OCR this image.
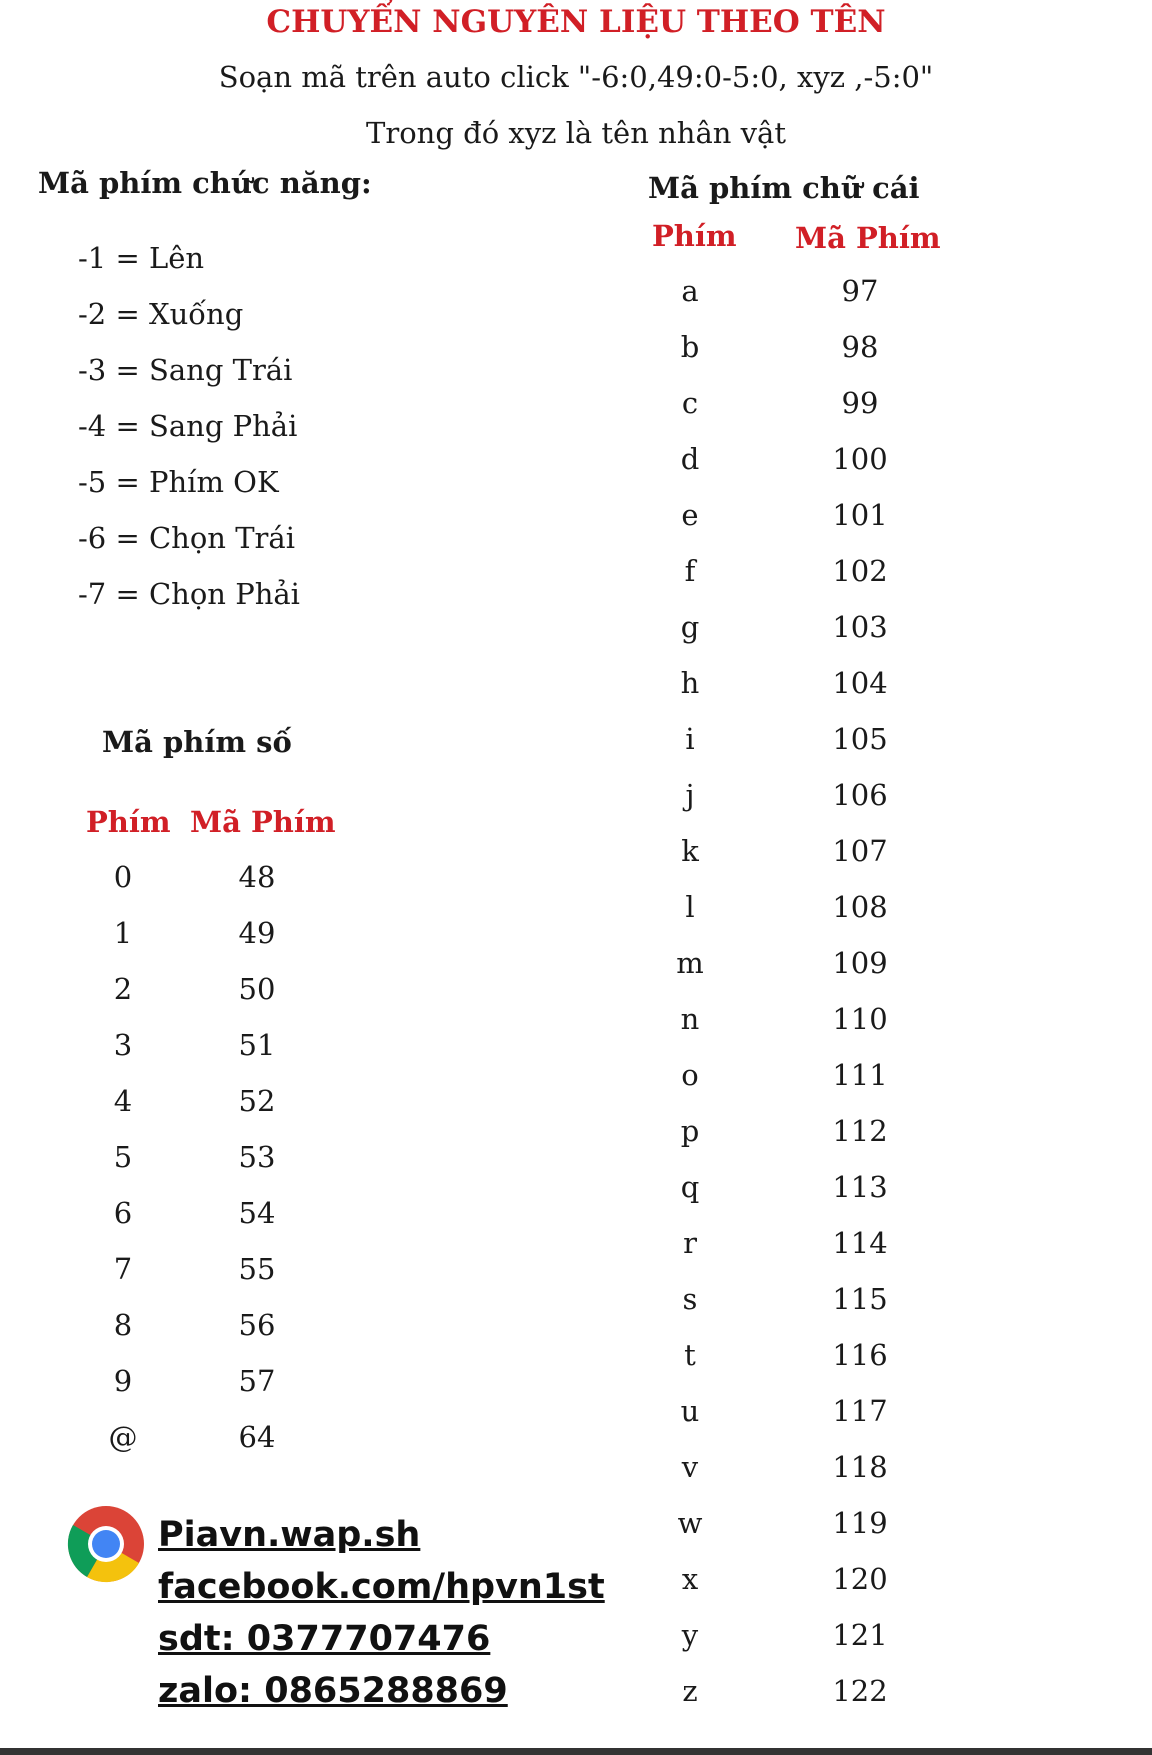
CHUYỂN NGUYÊN LIỆU THEO TÊN
Soạn mã trên auto click "-6:0,49:0-5:0, xyz ,-5:0"
Trong đó xyz là tên nhân vật
Mã phím chức năng:
-1 = Lên
-2 = Xuống
-3 = Sang Trái
-4 = Sang Phải
-5 = Phím OK
-6 = Chọn Trái
-7 = Chọn Phải
Mã phím số
Phím Mã Phím
0	48
1	49
2	50
3	51
4	52
5	53
6	54
7	55
8	56
9	57
@	64
Mã phím chữ cái
Phím Mã Phím
a	97
b	98
c	99
d	100
e	101
f	102
g	103
h	104
i	105
j	106
k	107
l	108
m	109
n	110
o	111
p	112
q	113
r	114
s	115
t	116
u	117
v	118
w	119
x	120
y	121
z	122
Piavn.wap.sh
facebook.com/hpvn1st
sdt: 0377707476
zalo: 0865288869
